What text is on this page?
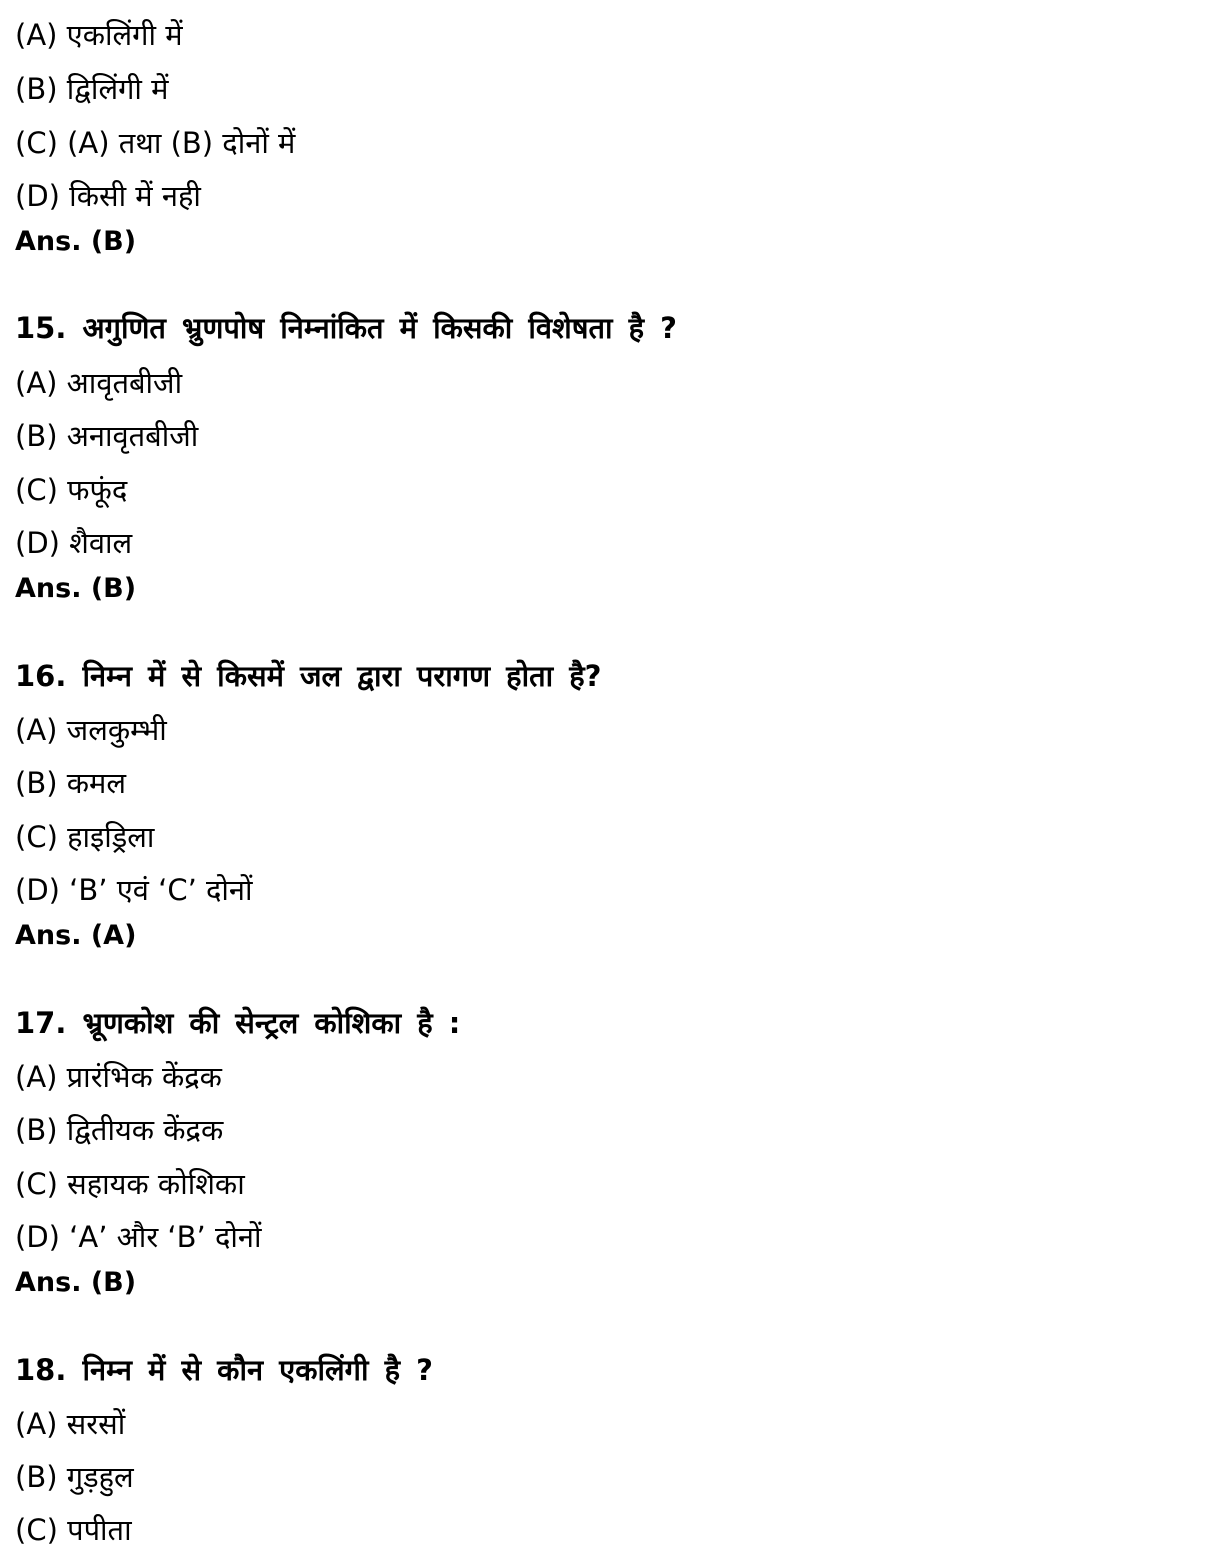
(A) एकलिंगी में
(B) द्विलिंगी में
(C) (A) तथा (B) दोनों में
(D) किसी में नही
Ans. (B)
15. अगुणित भ्रुणपोष निम्नांकित में किसकी विशेषता है ?
(A) आवृतबीजी
(B) अनावृतबीजी
(C) फफूंद
(D) शैवाल
Ans. (B)
16. निम्न में से किसमें जल द्वारा परागण होता है?
(A) जलकुम्भी
(B) कमल
(C) हाइड्रिला
(D) ‘B’ एवं ‘C’ दोनों
Ans. (A)
17. भ्रूणकोश की सेन्ट्रल कोशिका है :
(A) प्रारंभिक केंद्रक
(B) द्वितीयक केंद्रक
(C) सहायक कोशिका
(D) ‘A’ और ‘B’ दोनों
Ans. (B)
18. निम्न में से कौन एकलिंगी है ?
(A) सरसों
(B) गुड़हुल
(C) पपीता
